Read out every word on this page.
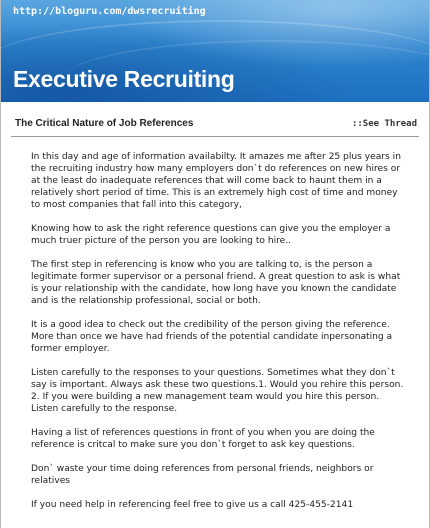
http://bloguru.com/dwsrecruiting
Executive Recruiting
The Critical Nature of Job References	::See Thread

In this day and age of information availabilty. It amazes me after 25 plus years in the recruiting industry how many employers don`t do references on new hires or at the least do inadequate references that will come back to haunt them in a relatively short period of time. This is an extremely high cost of time and money to most companies that fall into this category,

Knowing how to ask the right reference questions can give you the employer a much truer picture of the person you are looking to hire..

The first step in referencing is know who you are talking to, is the person a legitimate former supervisor or a personal friend. A great question to ask is what is your relationship with the candidate, how long have you known the candidate and is the relationship professional, social or both.

It is a good idea to check out the credibility of the person giving the reference. More than once we have had friends of the potential candidate inpersonating a former employer.

Listen carefully to the responses to your questions. Sometimes what they don`t say is important. Always ask these two questions.1. Would you rehire this person.
2. If you were building a new management team would you hire this person. Listen carefully to the response.

Having a list of references questions in front of you when you are doing the reference is critcal to make sure you don`t forget to ask key questions.

Don` waste your time doing references from personal friends, neighbors or relatives

If you need help in referencing feel free to give us a call 425-455-2141
